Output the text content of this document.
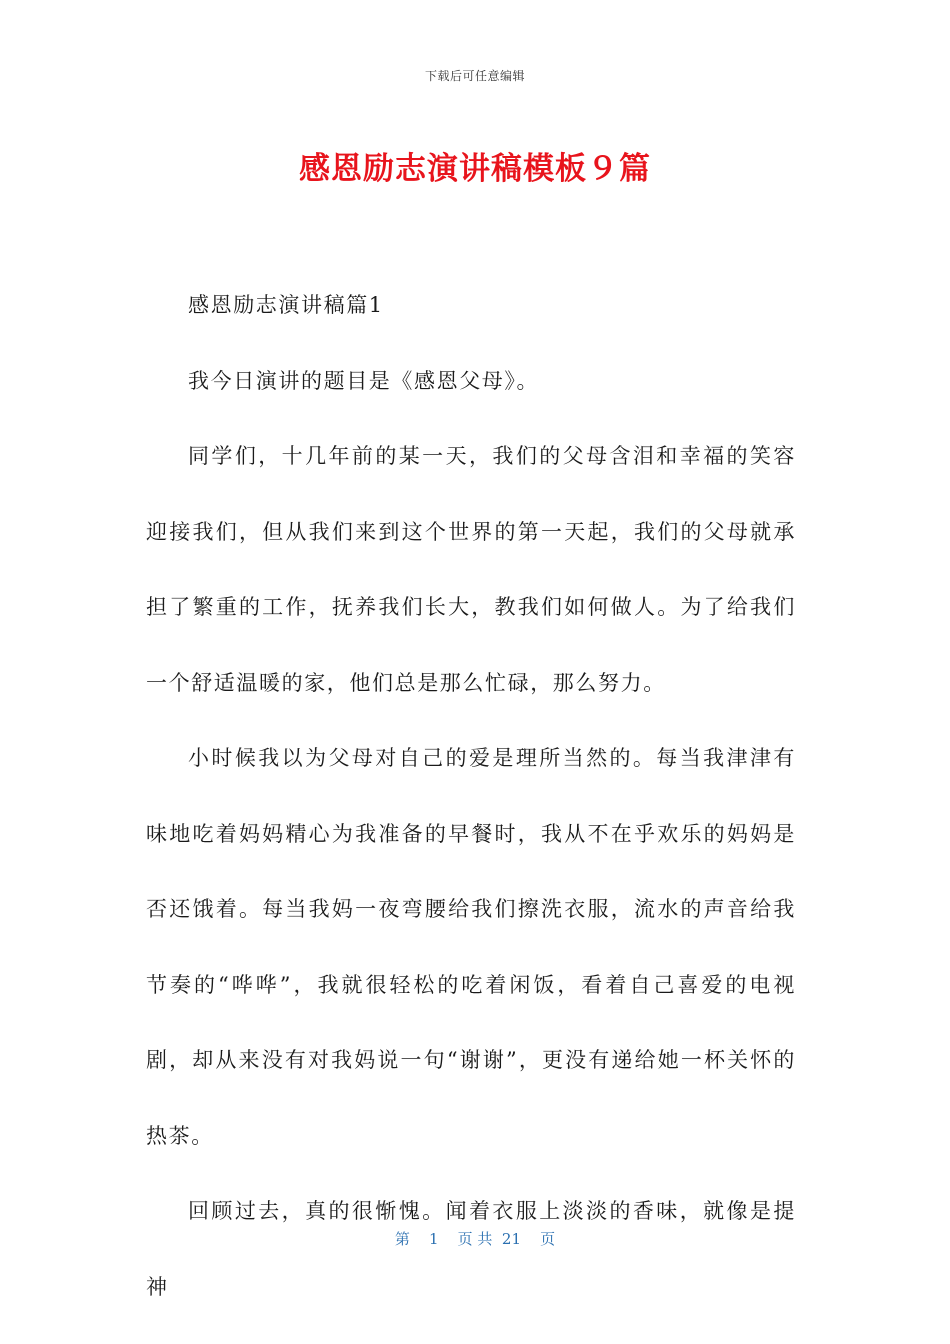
下载后可任意编辑
感恩励志演讲稿模板９篇

感恩励志演讲稿篇1

我今日演讲的题目是《感恩父母》。

同学们，十几年前的某一天，我们的父母含泪和幸福的笑容迎接我们，但从我们来到这个世界的第一天起，我们的父母就承担了繁重的工作，抚养我们长大，教我们如何做人。为了给我们一个舒适温暖的家，他们总是那么忙碌，那么努力。

小时候我以为父母对自己的爱是理所当然的。每当我津津有味地吃着妈妈精心为我准备的早餐时，我从不在乎欢乐的妈妈是否还饿着。每当我妈一夜弯腰给我们擦洗衣服，流水的声音给我节奏的“哗哗”，我就很轻松的吃着闲饭，看着自己喜爱的电视剧，却从来没有对我妈说一句“谢谢”，更没有递给她一杯关怀的热茶。

回顾过去，真的很惭愧。闻着衣服上淡淡的香味，就像是提神

第 1 页 共 21 页
